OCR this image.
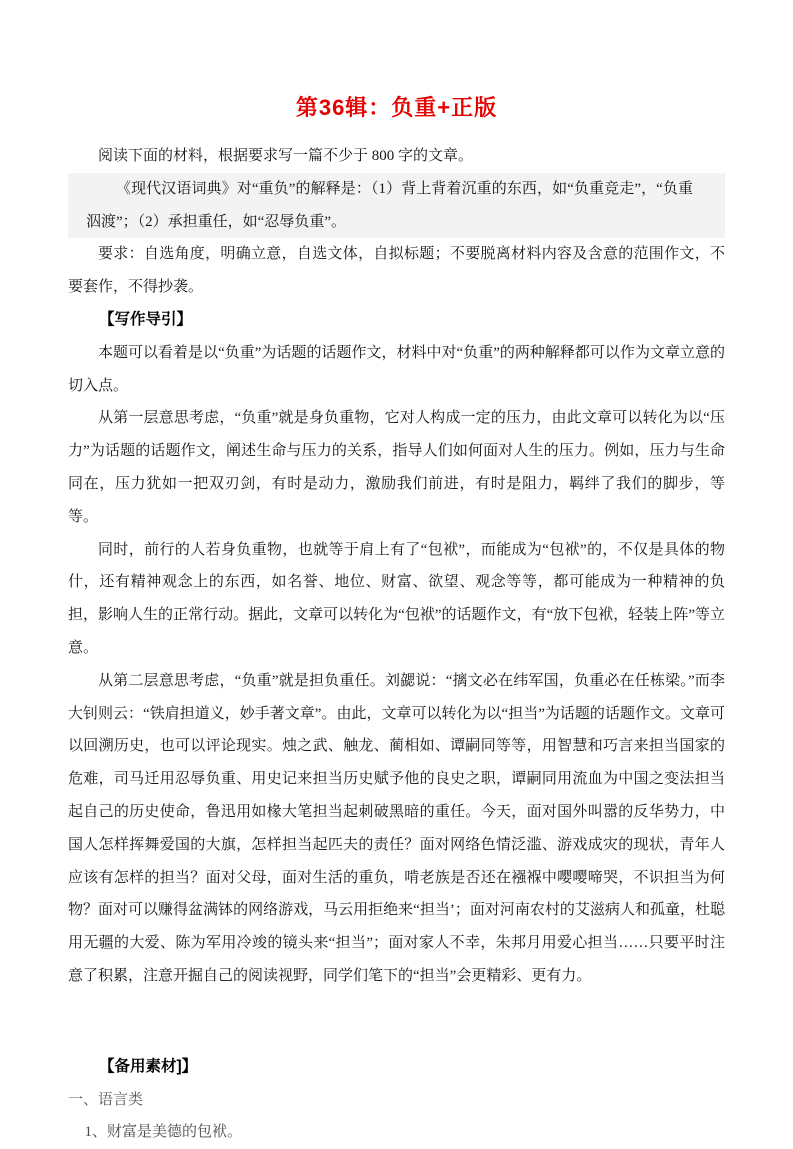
第36辑：负重+正版

阅读下面的材料，根据要求写一篇不少于 800 字的文章。

《现代汉语词典》对“重负”的解释是：（1）背上背着沉重的东西，如“负重竞走”，“负重泅渡”；（2）承担重任，如“忍辱负重”。

要求：自选角度，明确立意，自选文体，自拟标题；不要脱离材料内容及含意的范围作文，不要套作，不得抄袭。

【写作导引】

本题可以看着是以“负重”为话题的话题作文，材料中对“负重”的两种解释都可以作为文章立意的切入点。

从第一层意思考虑，“负重”就是身负重物，它对人构成一定的压力，由此文章可以转化为以“压力”为话题的话题作文，阐述生命与压力的关系，指导人们如何面对人生的压力。例如，压力与生命同在，压力犹如一把双刃剑，有时是动力，激励我们前进，有时是阻力，羁绊了我们的脚步，等等。

同时，前行的人若身负重物，也就等于肩上有了“包袱”，而能成为“包袱”的，不仅是具体的物什，还有精神观念上的东西，如名誉、地位、财富、欲望、观念等等，都可能成为一种精神的负担，影响人生的正常行动。据此，文章可以转化为“包袱”的话题作文，有“放下包袱，轻装上阵”等立意。

从第二层意思考虑，“负重”就是担负重任。刘勰说：“摛文必在纬军国，负重必在任栋梁。”而李大钊则云：“铁肩担道义，妙手著文章”。由此，文章可以转化为以“担当”为话题的话题作文。文章可以回溯历史，也可以评论现实。烛之武、触龙、蔺相如、谭嗣同等等，用智慧和巧言来担当国家的危难，司马迁用忍辱负重、用史记来担当历史赋予他的良史之职，谭嗣同用流血为中国之变法担当起自己的历史使命，鲁迅用如椽大笔担当起刺破黑暗的重任。今天，面对国外叫嚣的反华势力，中国人怎样挥舞爱国的大旗，怎样担当起匹夫的责任？面对网络色情泛滥、游戏成灾的现状，青年人应该有怎样的担当？面对父母，面对生活的重负，啃老族是否还在襁褓中嘤嘤啼哭，不识担当为何物？面对可以赚得盆满钵的网络游戏，马云用拒绝来“担当’；面对河南农村的艾滋病人和孤童，杜聪用无疆的大爱、陈为军用冷竣的镜头来“担当”；面对家人不幸，朱邦月用爱心担当……只要平时注意了积累，注意开掘自己的阅读视野，同学们笔下的“担当”会更精彩、更有力。

【备用素材]】

一、语言类

1、财富是美德的包袱。
